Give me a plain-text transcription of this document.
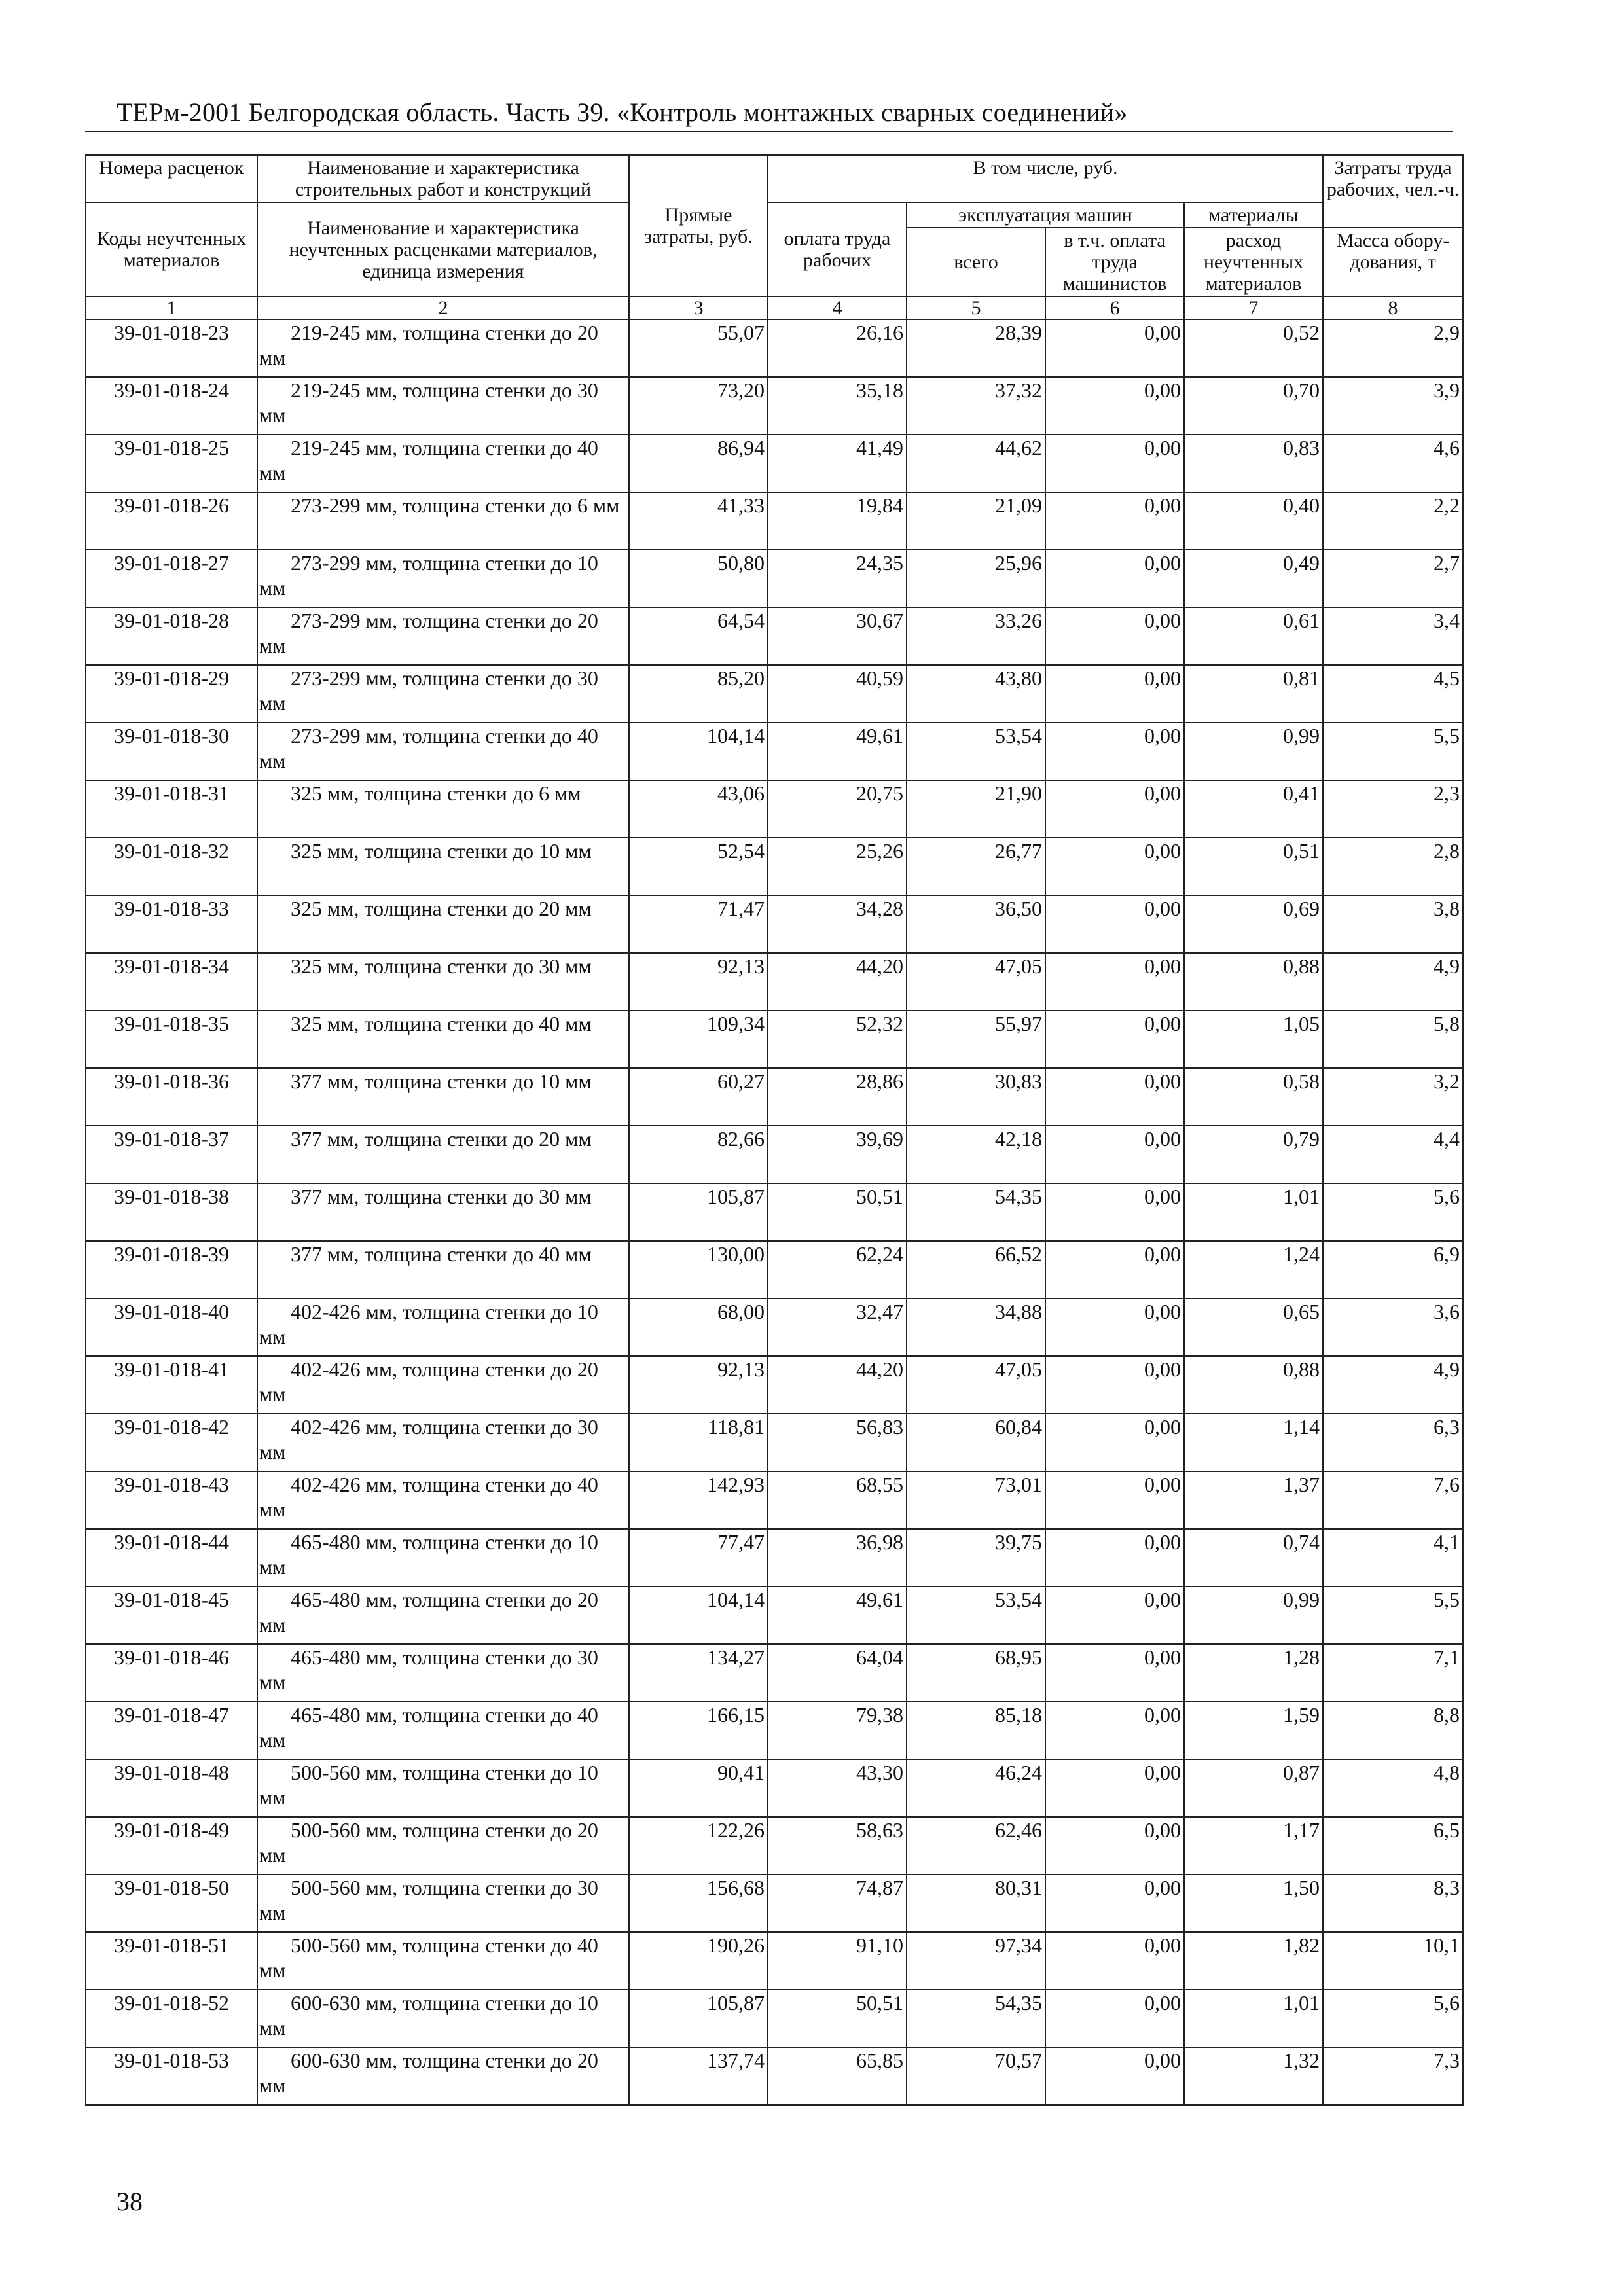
ТЕРм-2001 Белгородская область. Часть 39. «Контроль монтажных сварных соединений»
Номера расценок	Наименование и характеристика строительных работ и конструкций	Прямые затраты, руб.	В том числе, руб.				Затраты труда рабочих, чел.-ч.
Коды неучтенных материалов	Наименование и характеристика неучтенных расценками материалов, единица измерения		оплата труда рабочих	эксплуатация машин		материалы	
				всего	в т.ч. оплата труда машинистов	расход неучтенных материалов	Масса обору-дования, т
1	2	3	4	5	6	7	8
39-01-018-23	219-245 мм, толщина стенки до 20 мм	55,07	26,16	28,39	0,00	0,52	2,9
39-01-018-24	219-245 мм, толщина стенки до 30 мм	73,20	35,18	37,32	0,00	0,70	3,9
39-01-018-25	219-245 мм, толщина стенки до 40 мм	86,94	41,49	44,62	0,00	0,83	4,6
39-01-018-26	273-299 мм, толщина стенки до 6 мм	41,33	19,84	21,09	0,00	0,40	2,2
39-01-018-27	273-299 мм, толщина стенки до 10 мм	50,80	24,35	25,96	0,00	0,49	2,7
39-01-018-28	273-299 мм, толщина стенки до 20 мм	64,54	30,67	33,26	0,00	0,61	3,4
39-01-018-29	273-299 мм, толщина стенки до 30 мм	85,20	40,59	43,80	0,00	0,81	4,5
39-01-018-30	273-299 мм, толщина стенки до 40 мм	104,14	49,61	53,54	0,00	0,99	5,5
39-01-018-31	325 мм, толщина стенки до 6 мм	43,06	20,75	21,90	0,00	0,41	2,3
39-01-018-32	325 мм, толщина стенки до 10 мм	52,54	25,26	26,77	0,00	0,51	2,8
39-01-018-33	325 мм, толщина стенки до 20 мм	71,47	34,28	36,50	0,00	0,69	3,8
39-01-018-34	325 мм, толщина стенки до 30 мм	92,13	44,20	47,05	0,00	0,88	4,9
39-01-018-35	325 мм, толщина стенки до 40 мм	109,34	52,32	55,97	0,00	1,05	5,8
39-01-018-36	377 мм, толщина стенки до 10 мм	60,27	28,86	30,83	0,00	0,58	3,2
39-01-018-37	377 мм, толщина стенки до 20 мм	82,66	39,69	42,18	0,00	0,79	4,4
39-01-018-38	377 мм, толщина стенки до 30 мм	105,87	50,51	54,35	0,00	1,01	5,6
39-01-018-39	377 мм, толщина стенки до 40 мм	130,00	62,24	66,52	0,00	1,24	6,9
39-01-018-40	402-426 мм, толщина стенки до 10 мм	68,00	32,47	34,88	0,00	0,65	3,6
39-01-018-41	402-426 мм, толщина стенки до 20 мм	92,13	44,20	47,05	0,00	0,88	4,9
39-01-018-42	402-426 мм, толщина стенки до 30 мм	118,81	56,83	60,84	0,00	1,14	6,3
39-01-018-43	402-426 мм, толщина стенки до 40 мм	142,93	68,55	73,01	0,00	1,37	7,6
39-01-018-44	465-480 мм, толщина стенки до 10 мм	77,47	36,98	39,75	0,00	0,74	4,1
39-01-018-45	465-480 мм, толщина стенки до 20 мм	104,14	49,61	53,54	0,00	0,99	5,5
39-01-018-46	465-480 мм, толщина стенки до 30 мм	134,27	64,04	68,95	0,00	1,28	7,1
39-01-018-47	465-480 мм, толщина стенки до 40 мм	166,15	79,38	85,18	0,00	1,59	8,8
39-01-018-48	500-560 мм, толщина стенки до 10 мм	90,41	43,30	46,24	0,00	0,87	4,8
39-01-018-49	500-560 мм, толщина стенки до 20 мм	122,26	58,63	62,46	0,00	1,17	6,5
39-01-018-50	500-560 мм, толщина стенки до 30 мм	156,68	74,87	80,31	0,00	1,50	8,3
39-01-018-51	500-560 мм, толщина стенки до 40 мм	190,26	91,10	97,34	0,00	1,82	10,1
39-01-018-52	600-630 мм, толщина стенки до 10 мм	105,87	50,51	54,35	0,00	1,01	5,6
39-01-018-53	600-630 мм, толщина стенки до 20 мм	137,74	65,85	70,57	0,00	1,32	7,3
38
